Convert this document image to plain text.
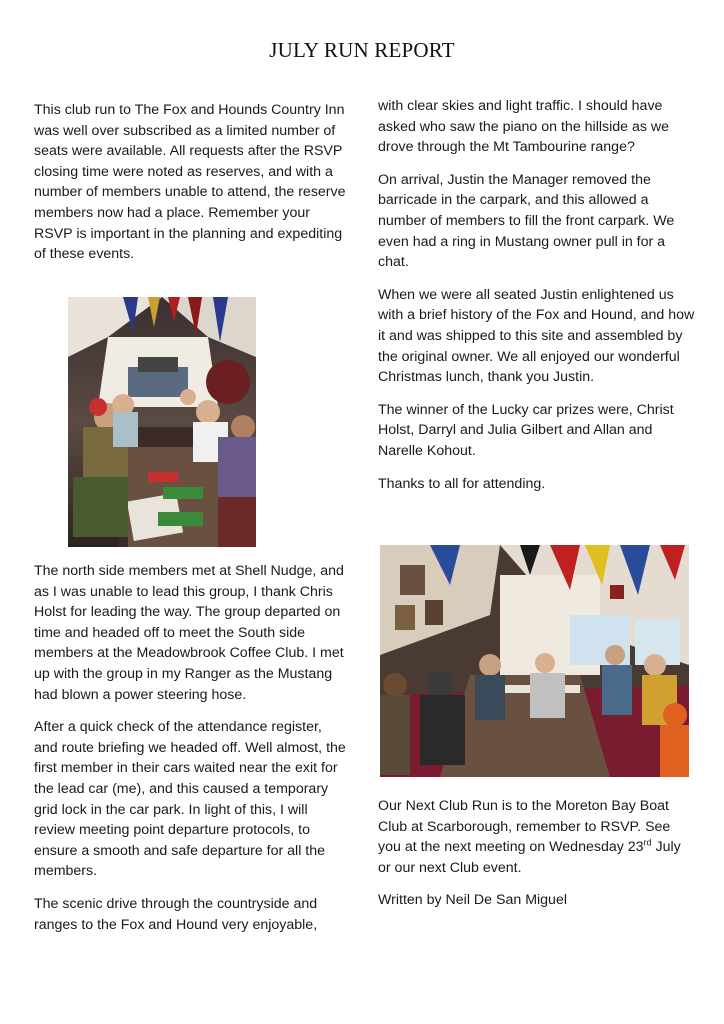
JULY RUN REPORT

This club run to The Fox and Hounds Country Inn was well over subscribed as a limited number of seats were available. All requests after the RSVP closing time were noted as reserves, and with a number of members unable to attend, the reserve members now had a place. Remember your RSVP is important in the planning and expediting of these events.

The north side members met at Shell Nudge, and as I was unable to lead this group, I thank Chris Holst for leading the way. The group departed on time and headed off to meet the South side members at the Meadowbrook Coffee Club. I met up with the group in my Ranger as the Mustang had blown a power steering hose.

After a quick check of the attendance register, and route briefing we headed off. Well almost, the first member in their cars waited near the exit for the lead car (me), and this caused a temporary grid lock in the car park. In light of this, I will review meeting point departure protocols, to ensure a smooth and safe departure for all the members.

The scenic drive through the countryside and ranges to the Fox and Hound very enjoyable,

with clear skies and light traffic. I should have asked who saw the piano on the hillside as we drove through the Mt Tambourine range?

On arrival, Justin the Manager removed the barricade in the carpark, and this allowed a number of members to fill the front carpark. We even had a ring in Mustang owner pull in for a chat.

When we were all seated Justin enlightened us with a brief history of the Fox and Hound, and how it and was shipped to this site and assembled by the original owner. We all enjoyed our wonderful Christmas lunch, thank you Justin.

The winner of the Lucky car prizes were, Christ Holst, Darryl and Julia Gilbert and Allan and Narelle Kohout.

Thanks to all for attending.

Our Next Club Run is to the Moreton Bay Boat Club at Scarborough, remember to RSVP. See you at the next meeting on Wednesday 23rd July or our next Club event.

Written by Neil De San Miguel
